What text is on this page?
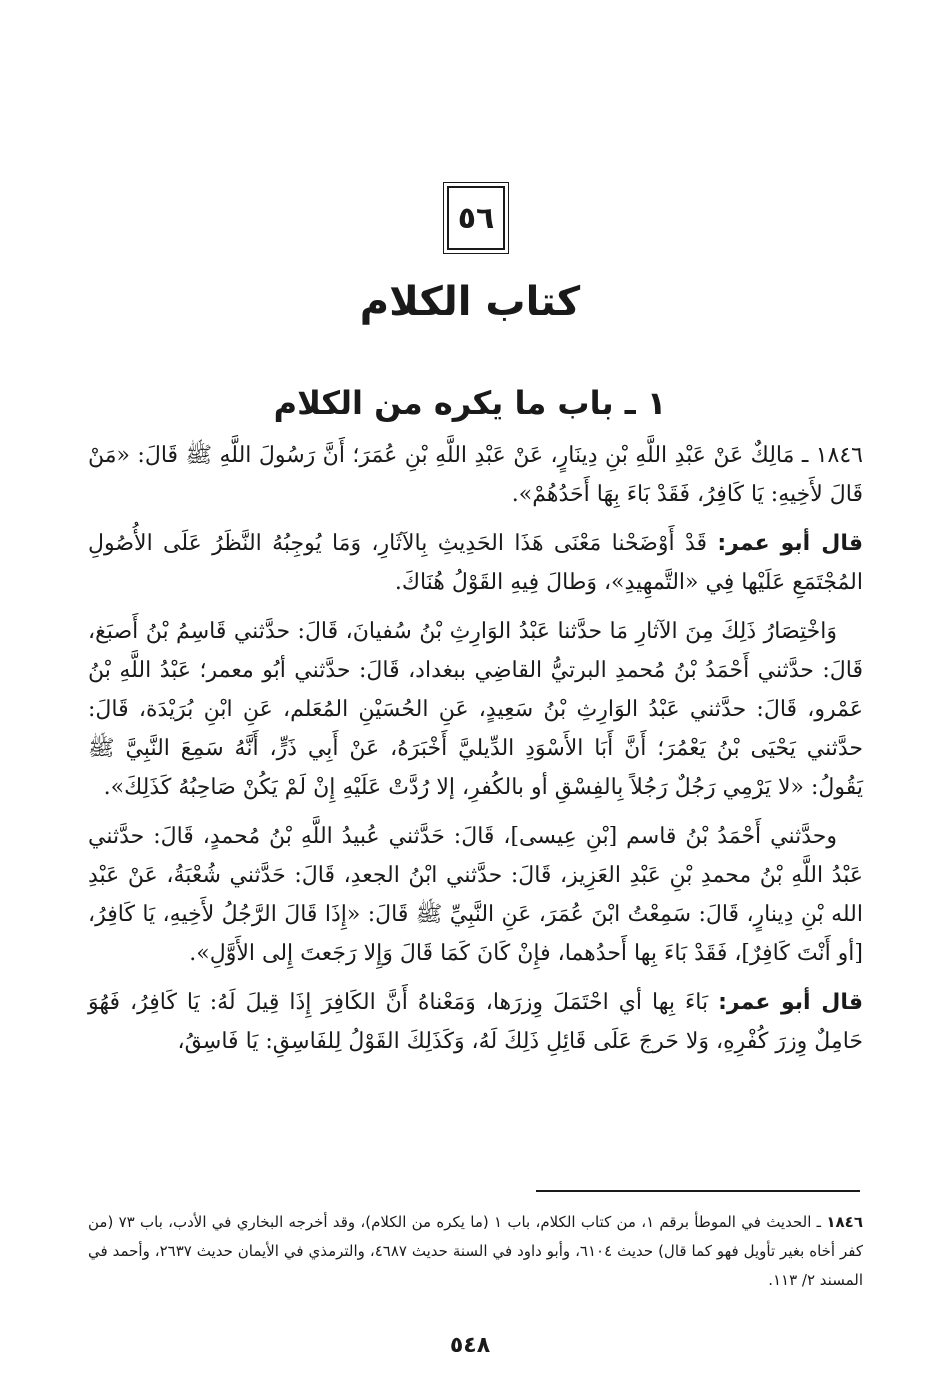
٥٦
كتاب الكلام
١ ـ باب ما يكره من الكلام

١٨٤٦ ـ مَالِكٌ عَنْ عَبْدِ اللَّهِ بْنِ دِينَارٍ، عَنْ عَبْدِ اللَّهِ بْنِ عُمَرَ؛ أَنَّ رَسُولَ اللَّهِ ﷺ قَالَ: «مَنْ قَالَ لأَخِيهِ: يَا كَافِرُ، فَقَدْ بَاءَ بِهَا أَحَدُهُمْ».

قال أبو عمر: قَدْ أَوْضَحْنا مَعْنَى هَذَا الحَدِيثِ بِالآثَارِ، وَمَا يُوجِبُهُ النَّظَرُ عَلَى الأُصُولِ المُجْتَمَعِ عَلَيْها فِي «التَّمهِيدِ»، وَطالَ فِيهِ القَوْلُ هُنَاكَ.

وَاخْتِصَارُ ذَلِكَ مِنَ الآثارِ مَا حدَّثنا عَبْدُ الوَارِثِ بْنُ سُفيانَ، قَالَ: حدَّثني قَاسِمُ بْنُ أَصبَغ، قَالَ: حدَّثني أَحْمَدُ بْنُ مُحمدِ البرتيُّ القاضِي ببغداد، قَالَ: حدَّثني أبُو معمر؛ عَبْدُ اللَّهِ بْنُ عَمْرو، قَالَ: حدَّثني عَبْدُ الوَارِثِ بْنُ سَعِيدٍ، عَنِ الحُسَيْنِ المُعَلم، عَنِ ابْنِ بُرَيْدَة، قَالَ: حدَّثني يَحْيَى بْنُ يَعْمُرَ؛ أَنَّ أَبَا الأَسْوَدِ الدِّيليَّ أَخْبَرَهُ، عَنْ أَبِي ذَرٍّ، أَنَّهُ سَمِعَ النَّبِيَّ ﷺ يَقُولُ: «لا يَرْمِي رَجُلٌ رَجُلاً بِالفِسْقِ أو بالكُفرِ، إلا رُدَّتْ عَلَيْهِ إِنْ لَمْ يَكُنْ صَاحِبُهُ كَذَلِكَ».

وحدَّثني أَحْمَدُ بْنُ قاسم [بْنِ عِيسى]، قَالَ: حَدَّثني عُبيدُ اللَّهِ بْنُ مُحمدٍ، قَالَ: حدَّثني عَبْدُ اللَّهِ بْنُ محمدِ بْنِ عَبْدِ العَزِيز، قَالَ: حدَّثني ابْنُ الجعدِ، قَالَ: حَدَّثني شُعْبَةُ، عَنْ عَبْدِ الله بْنِ دِينارٍ، قَالَ: سَمِعْتُ ابْنَ عُمَرَ، عَنِ النَّبِيِّ ﷺ قَالَ: «إِذَا قَالَ الرَّجُلُ لأَخِيهِ، يَا كَافِرُ، [أو أَنْتَ كَافِرٌ]، فَقَدْ بَاءَ بِها أَحدُهما، فإِنْ كَانَ كَمَا قَالَ وَإِلا رَجَعتَ إِلى الأَوَّلِ».

قال أبو عمر: بَاءَ بِها أي احْتَمَلَ وِزرَها، وَمَعْناهُ أَنَّ الكَافِرَ إِذَا قِيلَ لَهُ: يَا كَافِرُ، فَهُوَ حَامِلٌ وِزرَ كُفْرِهِ، وَلا حَرجَ عَلَى قَائِلِ ذَلِكَ لَهُ، وَكَذَلِكَ القَوْلُ لِلفَاسِقِ: يَا فَاسِقُ،

١٨٤٦ ـ الحديث في الموطأ برقم ١، من كتاب الكلام، باب ١ (ما يكره من الكلام)، وقد أخرجه البخاري في الأدب، باب ٧٣ (من كفر أخاه بغير تأويل فهو كما قال) حديث ٦١٠٤، وأبو داود في السنة حديث ٤٦٨٧، والترمذي في الأيمان حديث ٢٦٣٧، وأحمد في المسند ٢/ ١١٣.

٥٤٨
